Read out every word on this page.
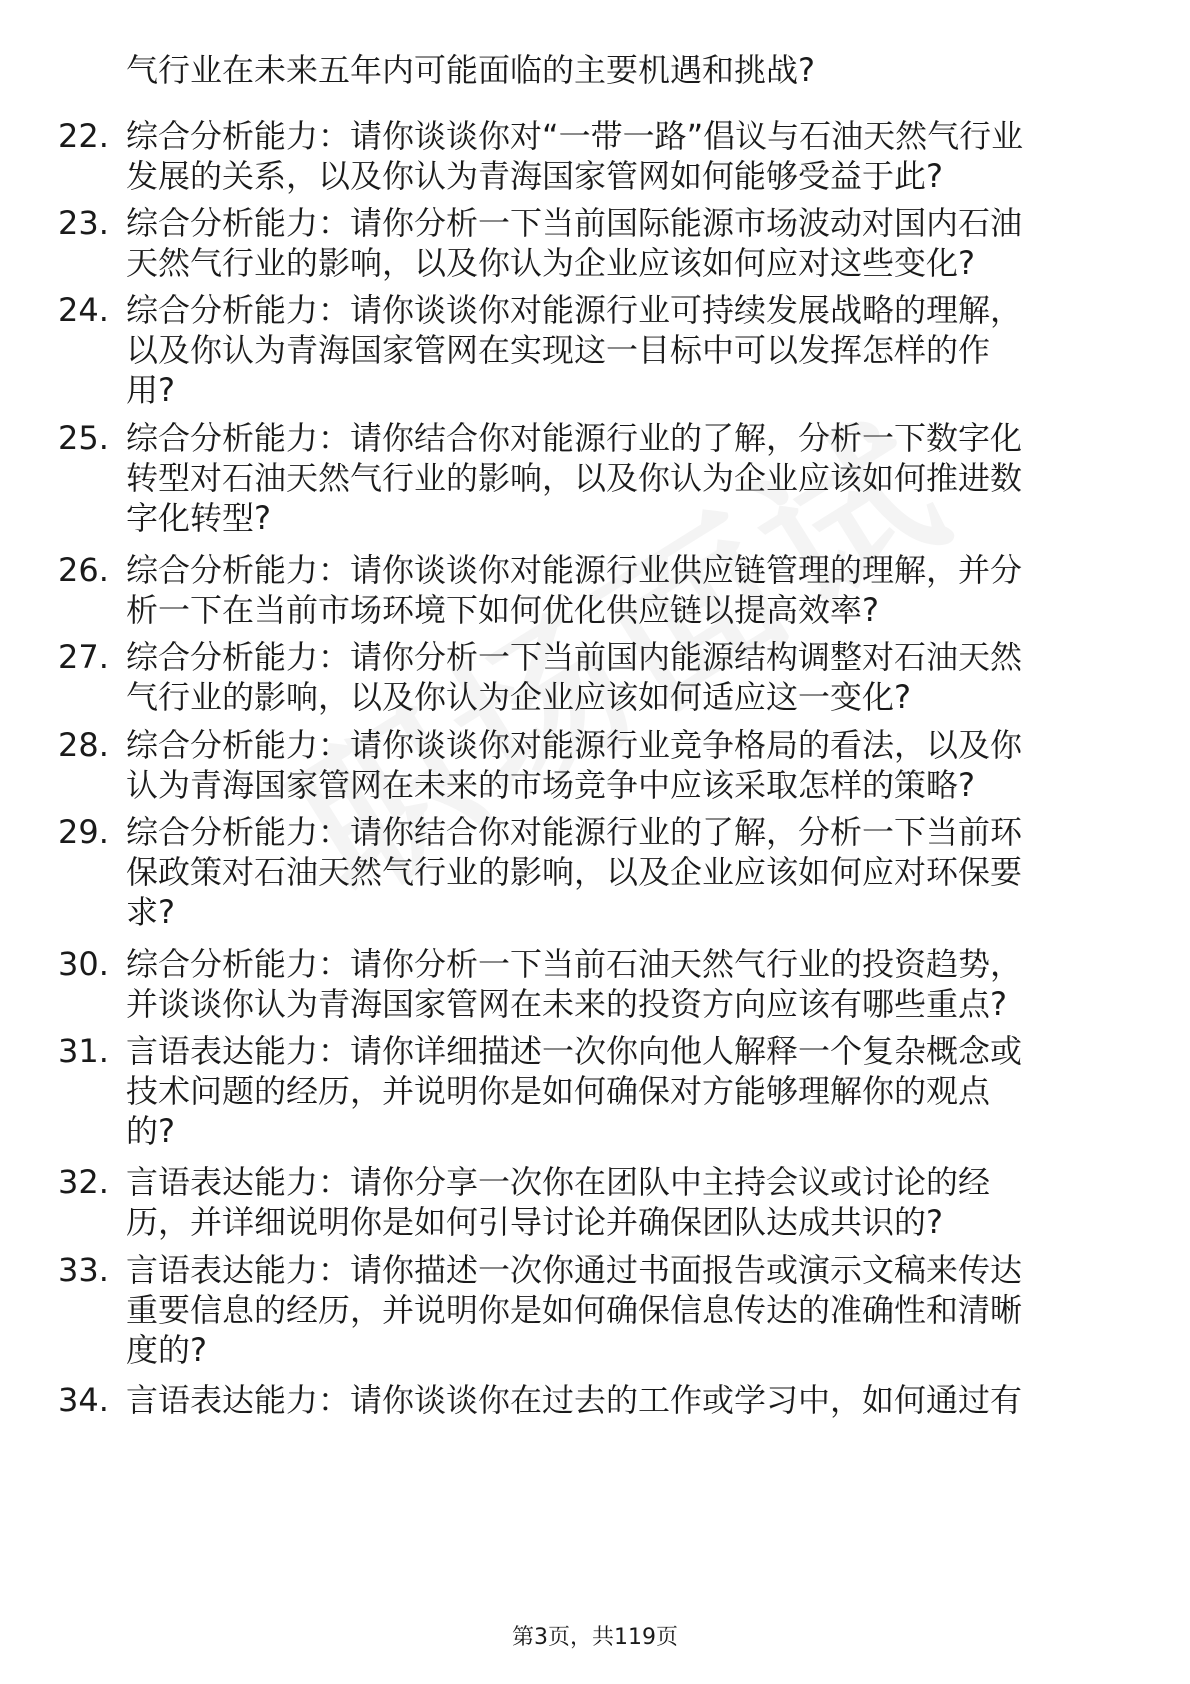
气行业在未来五年内可能面临的主要机遇和挑战?
22. 综合分析能力：请你谈谈你对“一带一路”倡议与石油天然气行业
发展的关系，以及你认为青海国家管网如何能够受益于此?
23. 综合分析能力：请你分析一下当前国际能源市场波动对国内石油
天然气行业的影响，以及你认为企业应该如何应对这些变化?
24. 综合分析能力：请你谈谈你对能源行业可持续发展战略的理解，
以及你认为青海国家管网在实现这一目标中可以发挥怎样的作
用?
25. 综合分析能力：请你结合你对能源行业的了解，分析一下数字化
转型对石油天然气行业的影响，以及你认为企业应该如何推进数
字化转型?
26. 综合分析能力：请你谈谈你对能源行业供应链管理的理解，并分
析一下在当前市场环境下如何优化供应链以提高效率?
27. 综合分析能力：请你分析一下当前国内能源结构调整对石油天然
气行业的影响，以及你认为企业应该如何适应这一变化?
28. 综合分析能力：请你谈谈你对能源行业竞争格局的看法，以及你
认为青海国家管网在未来的市场竞争中应该采取怎样的策略?
29. 综合分析能力：请你结合你对能源行业的了解，分析一下当前环
保政策对石油天然气行业的影响，以及企业应该如何应对环保要
求?
30. 综合分析能力：请你分析一下当前石油天然气行业的投资趋势，
并谈谈你认为青海国家管网在未来的投资方向应该有哪些重点?
31. 言语表达能力：请你详细描述一次你向他人解释一个复杂概念或
技术问题的经历，并说明你是如何确保对方能够理解你的观点
的?
32. 言语表达能力：请你分享一次你在团队中主持会议或讨论的经
历，并详细说明你是如何引导讨论并确保团队达成共识的?
33. 言语表达能力：请你描述一次你通过书面报告或演示文稿来传达
重要信息的经历，并说明你是如何确保信息传达的准确性和清晰
度的?
34. 言语表达能力：请你谈谈你在过去的工作或学习中，如何通过有
第3页，共119页
